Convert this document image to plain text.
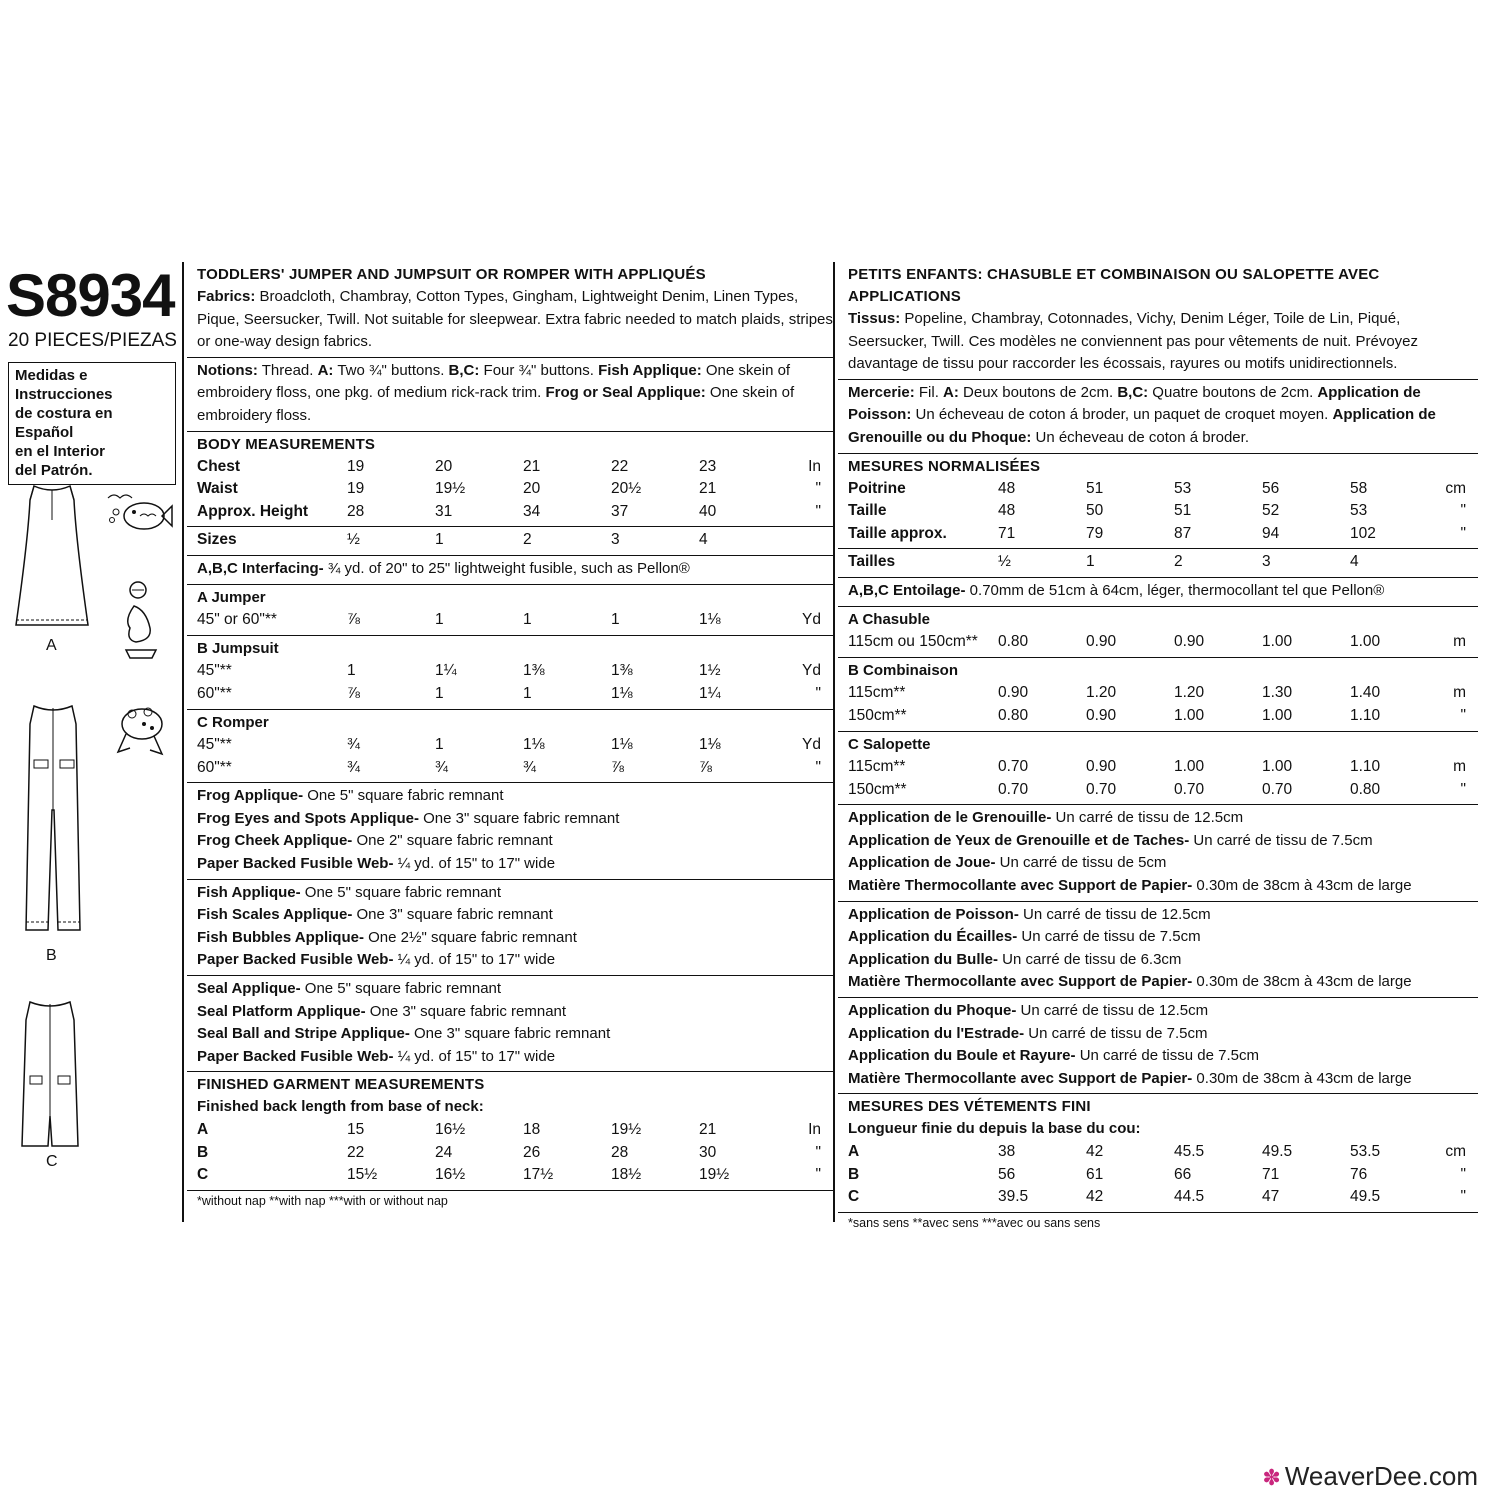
S8934
20 PIECES/PIEZAS
Medidas e Instrucciones
de costura en Español
en el Interior
del Patrón.
A
B
C
TODDLERS' JUMPER AND JUMPSUIT OR ROMPER WITH APPLIQUÉS
Fabrics: Broadcloth, Chambray, Cotton Types, Gingham, Lightweight Denim, Linen Types, Pique, Seersucker, Twill. Not suitable for sleepwear. Extra fabric needed to match plaids, stripes or one-way design fabrics.
Notions: Thread. A: Two ¾" buttons. B,C: Four ¾" buttons. Fish Applique: One skein of embroidery floss, one pkg. of medium rick-rack trim. Frog or Seal Applique: One skein of embroidery floss.
BODY MEASUREMENTS
Chest	19	20	21	22	23	In
Waist	19	19½	20	20½	21	"
Approx. Height	28	31	34	37	40	"
Sizes	½	1	2	3	4
A,B,C Interfacing- ¾ yd. of 20" to 25" lightweight fusible, such as Pellon®
A Jumper
45" or 60"**	⅞	1	1	1	1⅛	Yd
B Jumpsuit
45"**	1	1¼	1⅜	1⅜	1½	Yd
60"**	⅞	1	1	1⅛	1¼	"
C Romper
45"**	¾	1	1⅛	1⅛	1⅛	Yd
60"**	¾	¾	¾	⅞	⅞	"
Frog Applique- One 5" square fabric remnant
Frog Eyes and Spots Applique- One 3" square fabric remnant
Frog Cheek Applique- One 2" square fabric remnant
Paper Backed Fusible Web- ¼ yd. of 15" to 17" wide
Fish Applique- One 5" square fabric remnant
Fish Scales Applique- One 3" square fabric remnant
Fish Bubbles Applique- One 2½" square fabric remnant
Paper Backed Fusible Web- ¼ yd. of 15" to 17" wide
Seal Applique- One 5" square fabric remnant
Seal Platform Applique- One 3" square fabric remnant
Seal Ball and Stripe Applique- One 3" square fabric remnant
Paper Backed Fusible Web- ¼ yd. of 15" to 17" wide
FINISHED GARMENT MEASUREMENTS
Finished back length from base of neck:
A	15	16½	18	19½	21	In
B	22	24	26	28	30	"
C	15½	16½	17½	18½	19½	"
*without nap **with nap ***with or without nap
PETITS ENFANTS: CHASUBLE ET COMBINAISON OU SALOPETTE AVEC APPLICATIONS
Tissus: Popeline, Chambray, Cotonnades, Vichy, Denim Léger, Toile de Lin, Piqué, Seersucker, Twill. Ces modèles ne conviennent pas pour vêtements de nuit. Prévoyez davantage de tissu pour raccorder les écossais, rayures ou motifs unidirectionnels.
Mercerie: Fil. A: Deux boutons de 2cm. B,C: Quatre boutons de 2cm. Application de Poisson: Un écheveau de coton á broder, un paquet de croquet moyen. Application de Grenouille ou du Phoque: Un écheveau de coton á broder.
MESURES NORMALISÉES
Poitrine	48	51	53	56	58	cm
Taille	48	50	51	52	53	"
Taille approx.	71	79	87	94	102	"
Tailles	½	1	2	3	4
A,B,C Entoilage- 0.70mm de 51cm à 64cm, léger, thermocollant tel que Pellon®
A Chasuble
115cm ou 150cm**	0.80	0.90	0.90	1.00	1.00	m
B Combinaison
115cm**	0.90	1.20	1.20	1.30	1.40	m
150cm**	0.80	0.90	1.00	1.00	1.10	"
C Salopette
115cm**	0.70	0.90	1.00	1.00	1.10	m
150cm**	0.70	0.70	0.70	0.70	0.80	"
Application de le Grenouille- Un carré de tissu de 12.5cm
Application de Yeux de Grenouille et de Taches- Un carré de tissu de 7.5cm
Application de Joue- Un carré de tissu de 5cm
Matière Thermocollante avec Support de Papier- 0.30m de 38cm à 43cm de large
Application de Poisson- Un carré de tissu de 12.5cm
Application du Écailles- Un carré de tissu de 7.5cm
Application du Bulle- Un carré de tissu de 6.3cm
Matière Thermocollante avec Support de Papier- 0.30m de 38cm à 43cm de large
Application du Phoque- Un carré de tissu de 12.5cm
Application du l'Estrade- Un carré de tissu de 7.5cm
Application du Boule et Rayure- Un carré de tissu de 7.5cm
Matière Thermocollante avec Support de Papier- 0.30m de 38cm à 43cm de large
MESURES DES VÉTEMENTS FINI
Longueur finie du depuis la base du cou:
A	38	42	45.5	49.5	53.5	cm
B	56	61	66	71	76	"
C	39.5	42	44.5	47	49.5	"
*sans sens **avec sens ***avec ou sans sens
✽ WeaverDee.com
